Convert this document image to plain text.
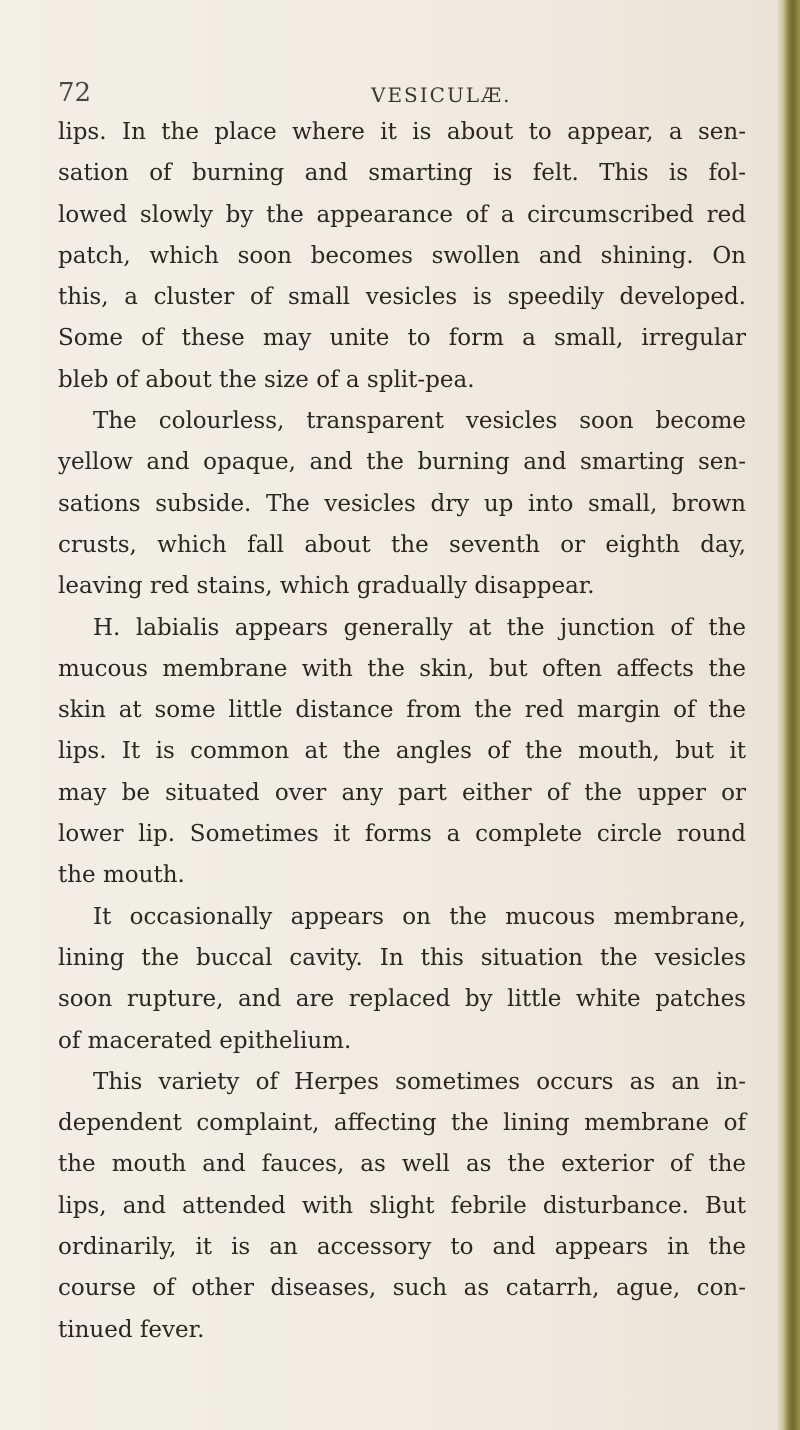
72	VESICULÆ.
lips. In the place where it is about to appear, a sen-
sation of burning and smarting is felt. This is fol-
lowed slowly by the appearance of a circumscribed red
patch, which soon becomes swollen and shining. On
this, a cluster of small vesicles is speedily developed.
Some of these may unite to form a small, irregular
bleb of about the size of a split-pea.
The colourless, transparent vesicles soon become
yellow and opaque, and the burning and smarting sen-
sations subside. The vesicles dry up into small, brown
crusts, which fall about the seventh or eighth day,
leaving red stains, which gradually disappear.
H. labialis appears generally at the junction of the
mucous membrane with the skin, but often affects the
skin at some little distance from the red margin of the
lips. It is common at the angles of the mouth, but it
may be situated over any part either of the upper or
lower lip. Sometimes it forms a complete circle round
the mouth.
It occasionally appears on the mucous membrane,
lining the buccal cavity. In this situation the vesicles
soon rupture, and are replaced by little white patches
of macerated epithelium.
This variety of Herpes sometimes occurs as an in-
dependent complaint, affecting the lining membrane of
the mouth and fauces, as well as the exterior of the
lips, and attended with slight febrile disturbance. But
ordinarily, it is an accessory to and appears in the
course of other diseases, such as catarrh, ague, con-
tinued fever.
